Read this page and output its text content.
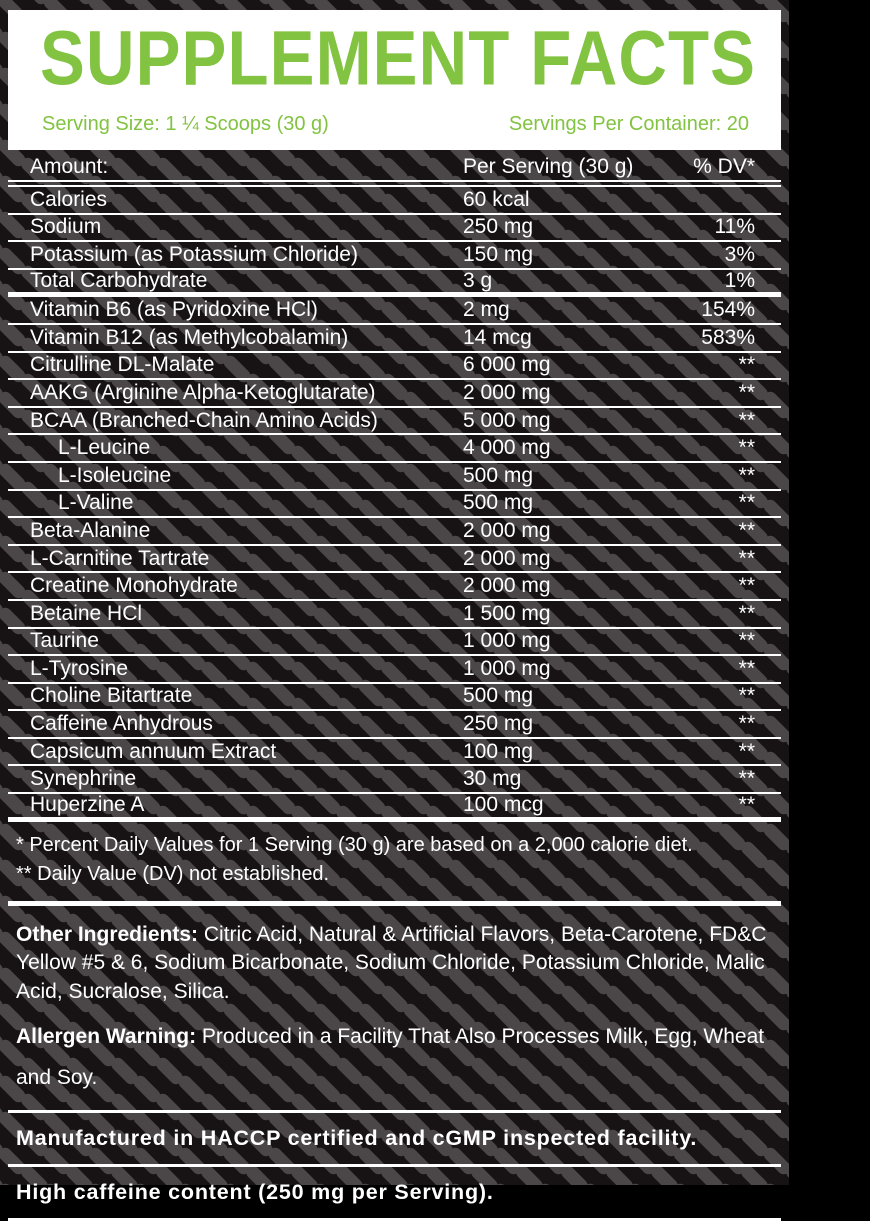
SUPPLEMENT FACTS
Serving Size: 1 ¼ Scoops (30 g)	Servings Per Container: 20
Amount:	Per Serving (30 g)	% DV*
Calories	60 kcal
Sodium	250 mg	11%
Potassium (as Potassium Chloride)	150 mg	3%
Total Carbohydrate	3 g	1%
Vitamin B6 (as Pyridoxine HCl)	2 mg	154%
Vitamin B12 (as Methylcobalamin)	14 mcg	583%
Citrulline DL-Malate	6 000 mg	**
AAKG (Arginine Alpha-Ketoglutarate)	2 000 mg	**
BCAA (Branched-Chain Amino Acids)	5 000 mg	**
L-Leucine	4 000 mg	**
L-Isoleucine	500 mg	**
L-Valine	500 mg	**
Beta-Alanine	2 000 mg	**
L-Carnitine Tartrate	2 000 mg	**
Creatine Monohydrate	2 000 mg	**
Betaine HCl	1 500 mg	**
Taurine	1 000 mg	**
L-Tyrosine	1 000 mg	**
Choline Bitartrate	500 mg	**
Caffeine Anhydrous	250 mg	**
Capsicum annuum Extract	100 mg	**
Synephrine	30 mg	**
Huperzine A	100 mcg	**
* Percent Daily Values for 1 Serving (30 g) are based on a 2,000 calorie diet.
** Daily Value (DV) not established.
Other Ingredients: Citric Acid, Natural & Artificial Flavors, Beta-Carotene, FD&C Yellow #5 & 6, Sodium Bicarbonate, Sodium Chloride, Potassium Chloride, Malic Acid, Sucralose, Silica.
Allergen Warning: Produced in a Facility That Also Processes Milk, Egg, Wheat and Soy.
Manufactured in HACCP certified and cGMP inspected facility.
High caffeine content (250 mg per Serving).
